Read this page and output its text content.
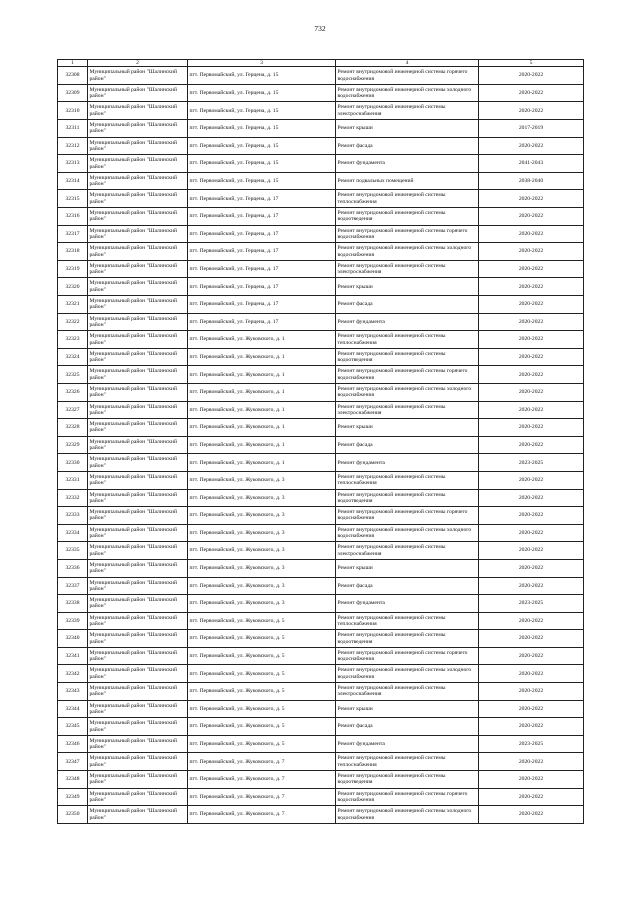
732
1	2	3	4	5
32308	Муниципальный район "Шалинский район"	пгт. Первомайский, ул. Герцена, д. 15	Ремонт внутридомовой инженерной системы горячего водоснабжения	2020-2022
32309	Муниципальный район "Шалинский район"	пгт. Первомайский, ул. Герцена, д. 15	Ремонт внутридомовой инженерной системы холодного водоснабжения	2020-2022
32310	Муниципальный район "Шалинский район"	пгт. Первомайский, ул. Герцена, д. 15	Ремонт внутридомовой инженерной системы электроснабжения	2020-2022
32311	Муниципальный район "Шалинский район"	пгт. Первомайский, ул. Герцена, д. 15	Ремонт крыши	2017-2019
32312	Муниципальный район "Шалинский район"	пгт. Первомайский, ул. Герцена, д. 15	Ремонт фасада	2020-2022
32313	Муниципальный район "Шалинский район"	пгт. Первомайский, ул. Герцена, д. 15	Ремонт фундамента	2041-2043
32314	Муниципальный район "Шалинский район"	пгт. Первомайский, ул. Герцена, д. 15	Ремонт подвальных помещений	2038-2040
32315	Муниципальный район "Шалинский район"	пгт. Первомайский, ул. Герцена, д. 17	Ремонт внутридомовой инженерной системы теплоснабжения	2020-2022
32316	Муниципальный район "Шалинский район"	пгт. Первомайский, ул. Герцена, д. 17	Ремонт внутридомовой инженерной системы водоотведения	2020-2022
32317	Муниципальный район "Шалинский район"	пгт. Первомайский, ул. Герцена, д. 17	Ремонт внутридомовой инженерной системы горячего водоснабжения	2020-2022
32318	Муниципальный район "Шалинский район"	пгт. Первомайский, ул. Герцена, д. 17	Ремонт внутридомовой инженерной системы холодного водоснабжения	2020-2022
32319	Муниципальный район "Шалинский район"	пгт. Первомайский, ул. Герцена, д. 17	Ремонт внутридомовой инженерной системы электроснабжения	2020-2022
32320	Муниципальный район "Шалинский район"	пгт. Первомайский, ул. Герцена, д. 17	Ремонт крыши	2020-2022
32321	Муниципальный район "Шалинский район"	пгт. Первомайский, ул. Герцена, д. 17	Ремонт фасада	2020-2022
32322	Муниципальный район "Шалинский район"	пгт. Первомайский, ул. Герцена, д. 17	Ремонт фундамента	2020-2022
32323	Муниципальный район "Шалинский район"	пгт. Первомайский, ул. Жуковского, д. 1	Ремонт внутридомовой инженерной системы теплоснабжения	2020-2022
32324	Муниципальный район "Шалинский район"	пгт. Первомайский, ул. Жуковского, д. 1	Ремонт внутридомовой инженерной системы водоотведения	2020-2022
32325	Муниципальный район "Шалинский район"	пгт. Первомайский, ул. Жуковского, д. 1	Ремонт внутридомовой инженерной системы горячего водоснабжения	2020-2022
32326	Муниципальный район "Шалинский район"	пгт. Первомайский, ул. Жуковского, д. 1	Ремонт внутридомовой инженерной системы холодного водоснабжения	2020-2022
32327	Муниципальный район "Шалинский район"	пгт. Первомайский, ул. Жуковского, д. 1	Ремонт внутридомовой инженерной системы электроснабжения	2020-2022
32328	Муниципальный район "Шалинский район"	пгт. Первомайский, ул. Жуковского, д. 1	Ремонт крыши	2020-2022
32329	Муниципальный район "Шалинский район"	пгт. Первомайский, ул. Жуковского, д. 1	Ремонт фасада	2020-2022
32330	Муниципальный район "Шалинский район"	пгт. Первомайский, ул. Жуковского, д. 1	Ремонт фундамента	2023-2025
32331	Муниципальный район "Шалинский район"	пгт. Первомайский, ул. Жуковского, д. 3	Ремонт внутридомовой инженерной системы теплоснабжения	2020-2022
32332	Муниципальный район "Шалинский район"	пгт. Первомайский, ул. Жуковского, д. 3	Ремонт внутридомовой инженерной системы водоотведения	2020-2022
32333	Муниципальный район "Шалинский район"	пгт. Первомайский, ул. Жуковского, д. 3	Ремонт внутридомовой инженерной системы горячего водоснабжения	2020-2022
32334	Муниципальный район "Шалинский район"	пгт. Первомайский, ул. Жуковского, д. 3	Ремонт внутридомовой инженерной системы холодного водоснабжения	2020-2022
32335	Муниципальный район "Шалинский район"	пгт. Первомайский, ул. Жуковского, д. 3	Ремонт внутридомовой инженерной системы электроснабжения	2020-2022
32336	Муниципальный район "Шалинский район"	пгт. Первомайский, ул. Жуковского, д. 3	Ремонт крыши	2020-2022
32337	Муниципальный район "Шалинский район"	пгт. Первомайский, ул. Жуковского, д. 3	Ремонт фасада	2020-2022
32338	Муниципальный район "Шалинский район"	пгт. Первомайский, ул. Жуковского, д. 3	Ремонт фундамента	2023-2025
32339	Муниципальный район "Шалинский район"	пгт. Первомайский, ул. Жуковского, д. 5	Ремонт внутридомовой инженерной системы теплоснабжения	2020-2022
32340	Муниципальный район "Шалинский район"	пгт. Первомайский, ул. Жуковского, д. 5	Ремонт внутридомовой инженерной системы водоотведения	2020-2022
32341	Муниципальный район "Шалинский район"	пгт. Первомайский, ул. Жуковского, д. 5	Ремонт внутридомовой инженерной системы горячего водоснабжения	2020-2022
32342	Муниципальный район "Шалинский район"	пгт. Первомайский, ул. Жуковского, д. 5	Ремонт внутридомовой инженерной системы холодного водоснабжения	2020-2022
32343	Муниципальный район "Шалинский район"	пгт. Первомайский, ул. Жуковского, д. 5	Ремонт внутридомовой инженерной системы электроснабжения	2020-2022
32344	Муниципальный район "Шалинский район"	пгт. Первомайский, ул. Жуковского, д. 5	Ремонт крыши	2020-2022
32345	Муниципальный район "Шалинский район"	пгт. Первомайский, ул. Жуковского, д. 5	Ремонт фасада	2020-2022
32346	Муниципальный район "Шалинский район"	пгт. Первомайский, ул. Жуковского, д. 5	Ремонт фундамента	2023-2025
32347	Муниципальный район "Шалинский район"	пгт. Первомайский, ул. Жуковского, д. 7	Ремонт внутридомовой инженерной системы теплоснабжения	2020-2022
32348	Муниципальный район "Шалинский район"	пгт. Первомайский, ул. Жуковского, д. 7	Ремонт внутридомовой инженерной системы водоотведения	2020-2022
32349	Муниципальный район "Шалинский район"	пгт. Первомайский, ул. Жуковского, д. 7	Ремонт внутридомовой инженерной системы горячего водоснабжения	2020-2022
32350	Муниципальный район "Шалинский район"	пгт. Первомайский, ул. Жуковского, д. 7	Ремонт внутридомовой инженерной системы холодного водоснабжения	2020-2022
